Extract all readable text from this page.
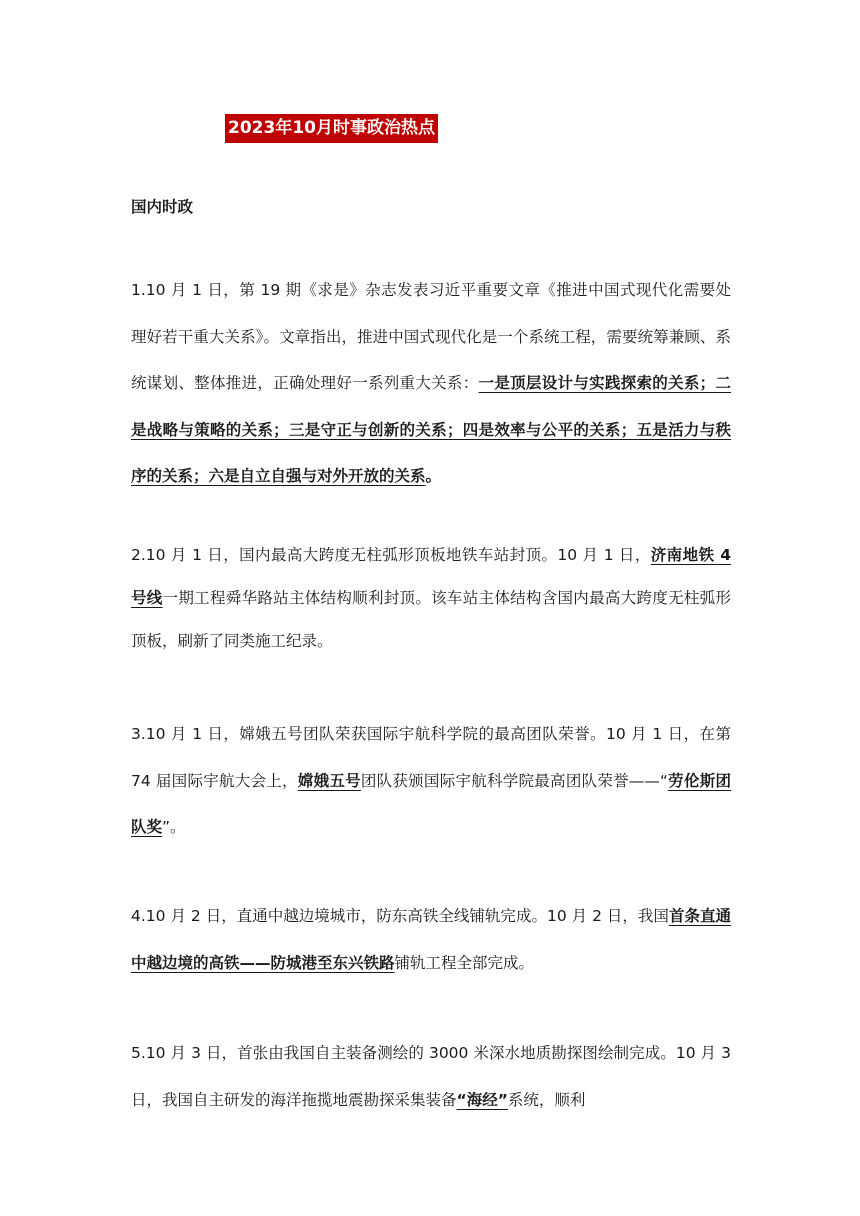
2023年10月时事政治热点
国内时政
1.10 月 1 日，第 19 期《求是》杂志发表习近平重要文章《推进中国式现代化需要处理好若干重大关系》。文章指出，推进中国式现代化是一个系统工程，需要统筹兼顾、系统谋划、整体推进，正确处理好一系列重大关系：一是顶层设计与实践探索的关系；二是战略与策略的关系；三是守正与创新的关系；四是效率与公平的关系；五是活力与秩序的关系；六是自立自强与对外开放的关系。
2.10 月 1 日，国内最高大跨度无柱弧形顶板地铁车站封顶。10 月 1 日，济南地铁 4 号线一期工程舜华路站主体结构顺利封顶。该车站主体结构含国内最高大跨度无柱弧形顶板，刷新了同类施工纪录。
3.10 月 1 日，嫦娥五号团队荣获国际宇航科学院的最高团队荣誉。10 月 1 日，在第 74 届国际宇航大会上，嫦娥五号团队获颁国际宇航科学院最高团队荣誉——“劳伦斯团队奖”。
4.10 月 2 日，直通中越边境城市，防东高铁全线铺轨完成。10 月 2 日，我国首条直通中越边境的高铁——防城港至东兴铁路铺轨工程全部完成。
5.10 月 3 日，首张由我国自主装备测绘的 3000 米深水地质勘探图绘制完成。10 月 3 日，我国自主研发的海洋拖揽地震勘探采集装备“海经”系统，顺利
